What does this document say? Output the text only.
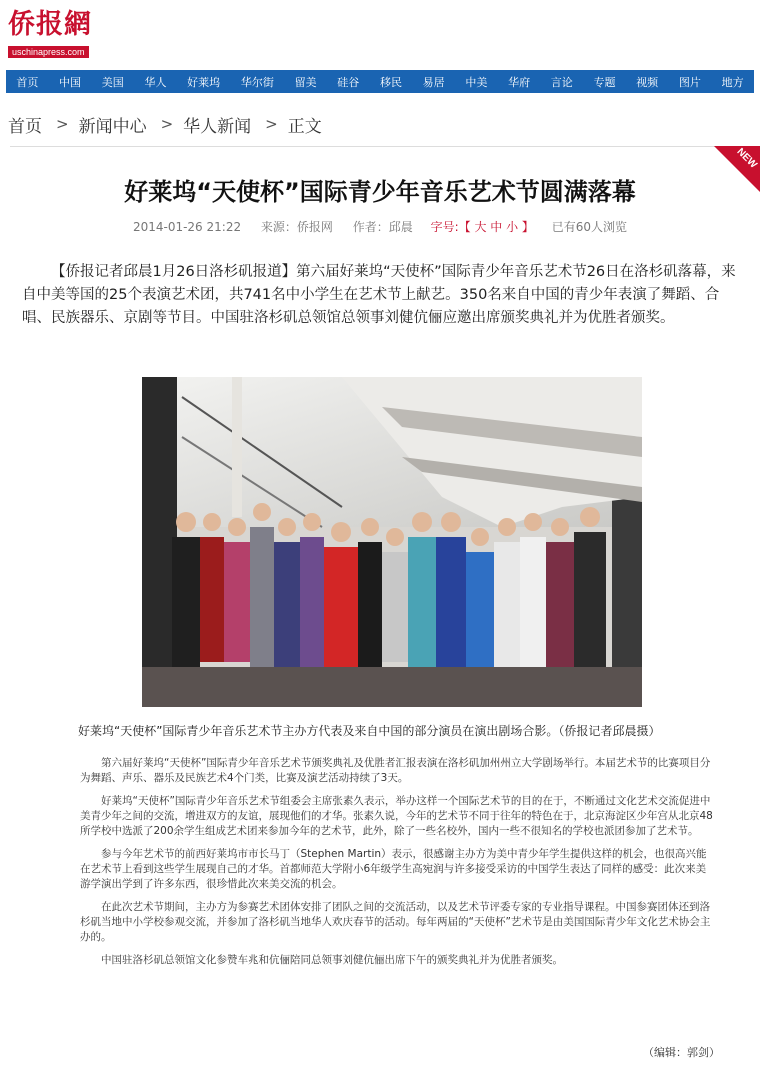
侨报網
uschinapress.com
首页 中国 美国 华人 好莱坞 华尔街 留美 硅谷 移民 易居 中美 华府 言论 专题 视频 图片 地方
首页 > 新闻中心 > 华人新闻 > 正文
NEW
好莱坞“天使杯”国际青少年音乐艺术节圆满落幕
2014-01-26 21:22 来源：侨报网 作者：邱晨 字号:【 大 中 小 】 已有60人浏览
【侨报记者邱晨1月26日洛杉矶报道】第六届好莱坞“天使杯”国际青少年音乐艺术节26日在洛杉矶落幕，来自中美等国的25个表演艺术团，共741名中小学生在艺术节上献艺。350名来自中国的青少年表演了舞蹈、合唱、民族器乐、京剧等节目。中国驻洛杉矶总领馆总领事刘健伉俪应邀出席颁奖典礼并为优胜者颁奖。
好莱坞“天使杯”国际青少年音乐艺术节主办方代表及来自中国的部分演员在演出剧场合影。（侨报记者邱晨摄）

第六届好莱坞“天使杯”国际青少年音乐艺术节颁奖典礼及优胜者汇报表演在洛杉矶加州州立大学剧场举行。本届艺术节的比赛项目分为舞蹈、声乐、器乐及民族艺术4个门类，比赛及演艺活动持续了3天。

好莱坞“天使杯”国际青少年音乐艺术节组委会主席张素久表示，举办这样一个国际艺术节的目的在于，不断通过文化艺术交流促进中美青少年之间的交流，增进双方的友谊，展现他们的才华。张素久说，今年的艺术节不同于往年的特色在于，北京海淀区少年宫从北京48所学校中选派了200余学生组成艺术团来参加今年的艺术节，此外，除了一些名校外，国内一些不很知名的学校也派团参加了艺术节。

参与今年艺术节的前西好莱坞市市长马丁（Stephen Martin）表示，很感谢主办方为美中青少年学生提供这样的机会，也很高兴能在艺术节上看到这些学生展现自己的才华。首都师范大学附小6年级学生高宛润与许多接受采访的中国学生表达了同样的感受：此次来美游学演出学到了许多东西，很珍惜此次来美交流的机会。

在此次艺术节期间，主办方为参赛艺术团体安排了团队之间的交流活动，以及艺术节评委专家的专业指导课程。中国参赛团体还到洛杉矶当地中小学校参观交流，并参加了洛杉矶当地华人欢庆春节的活动。每年两届的“天使杯”艺术节是由美国国际青少年文化艺术协会主办的。

中国驻洛杉矶总领馆文化参赞车兆和伉俪陪同总领事刘健伉俪出席下午的颁奖典礼并为优胜者颁奖。

（编辑：郭剑）
